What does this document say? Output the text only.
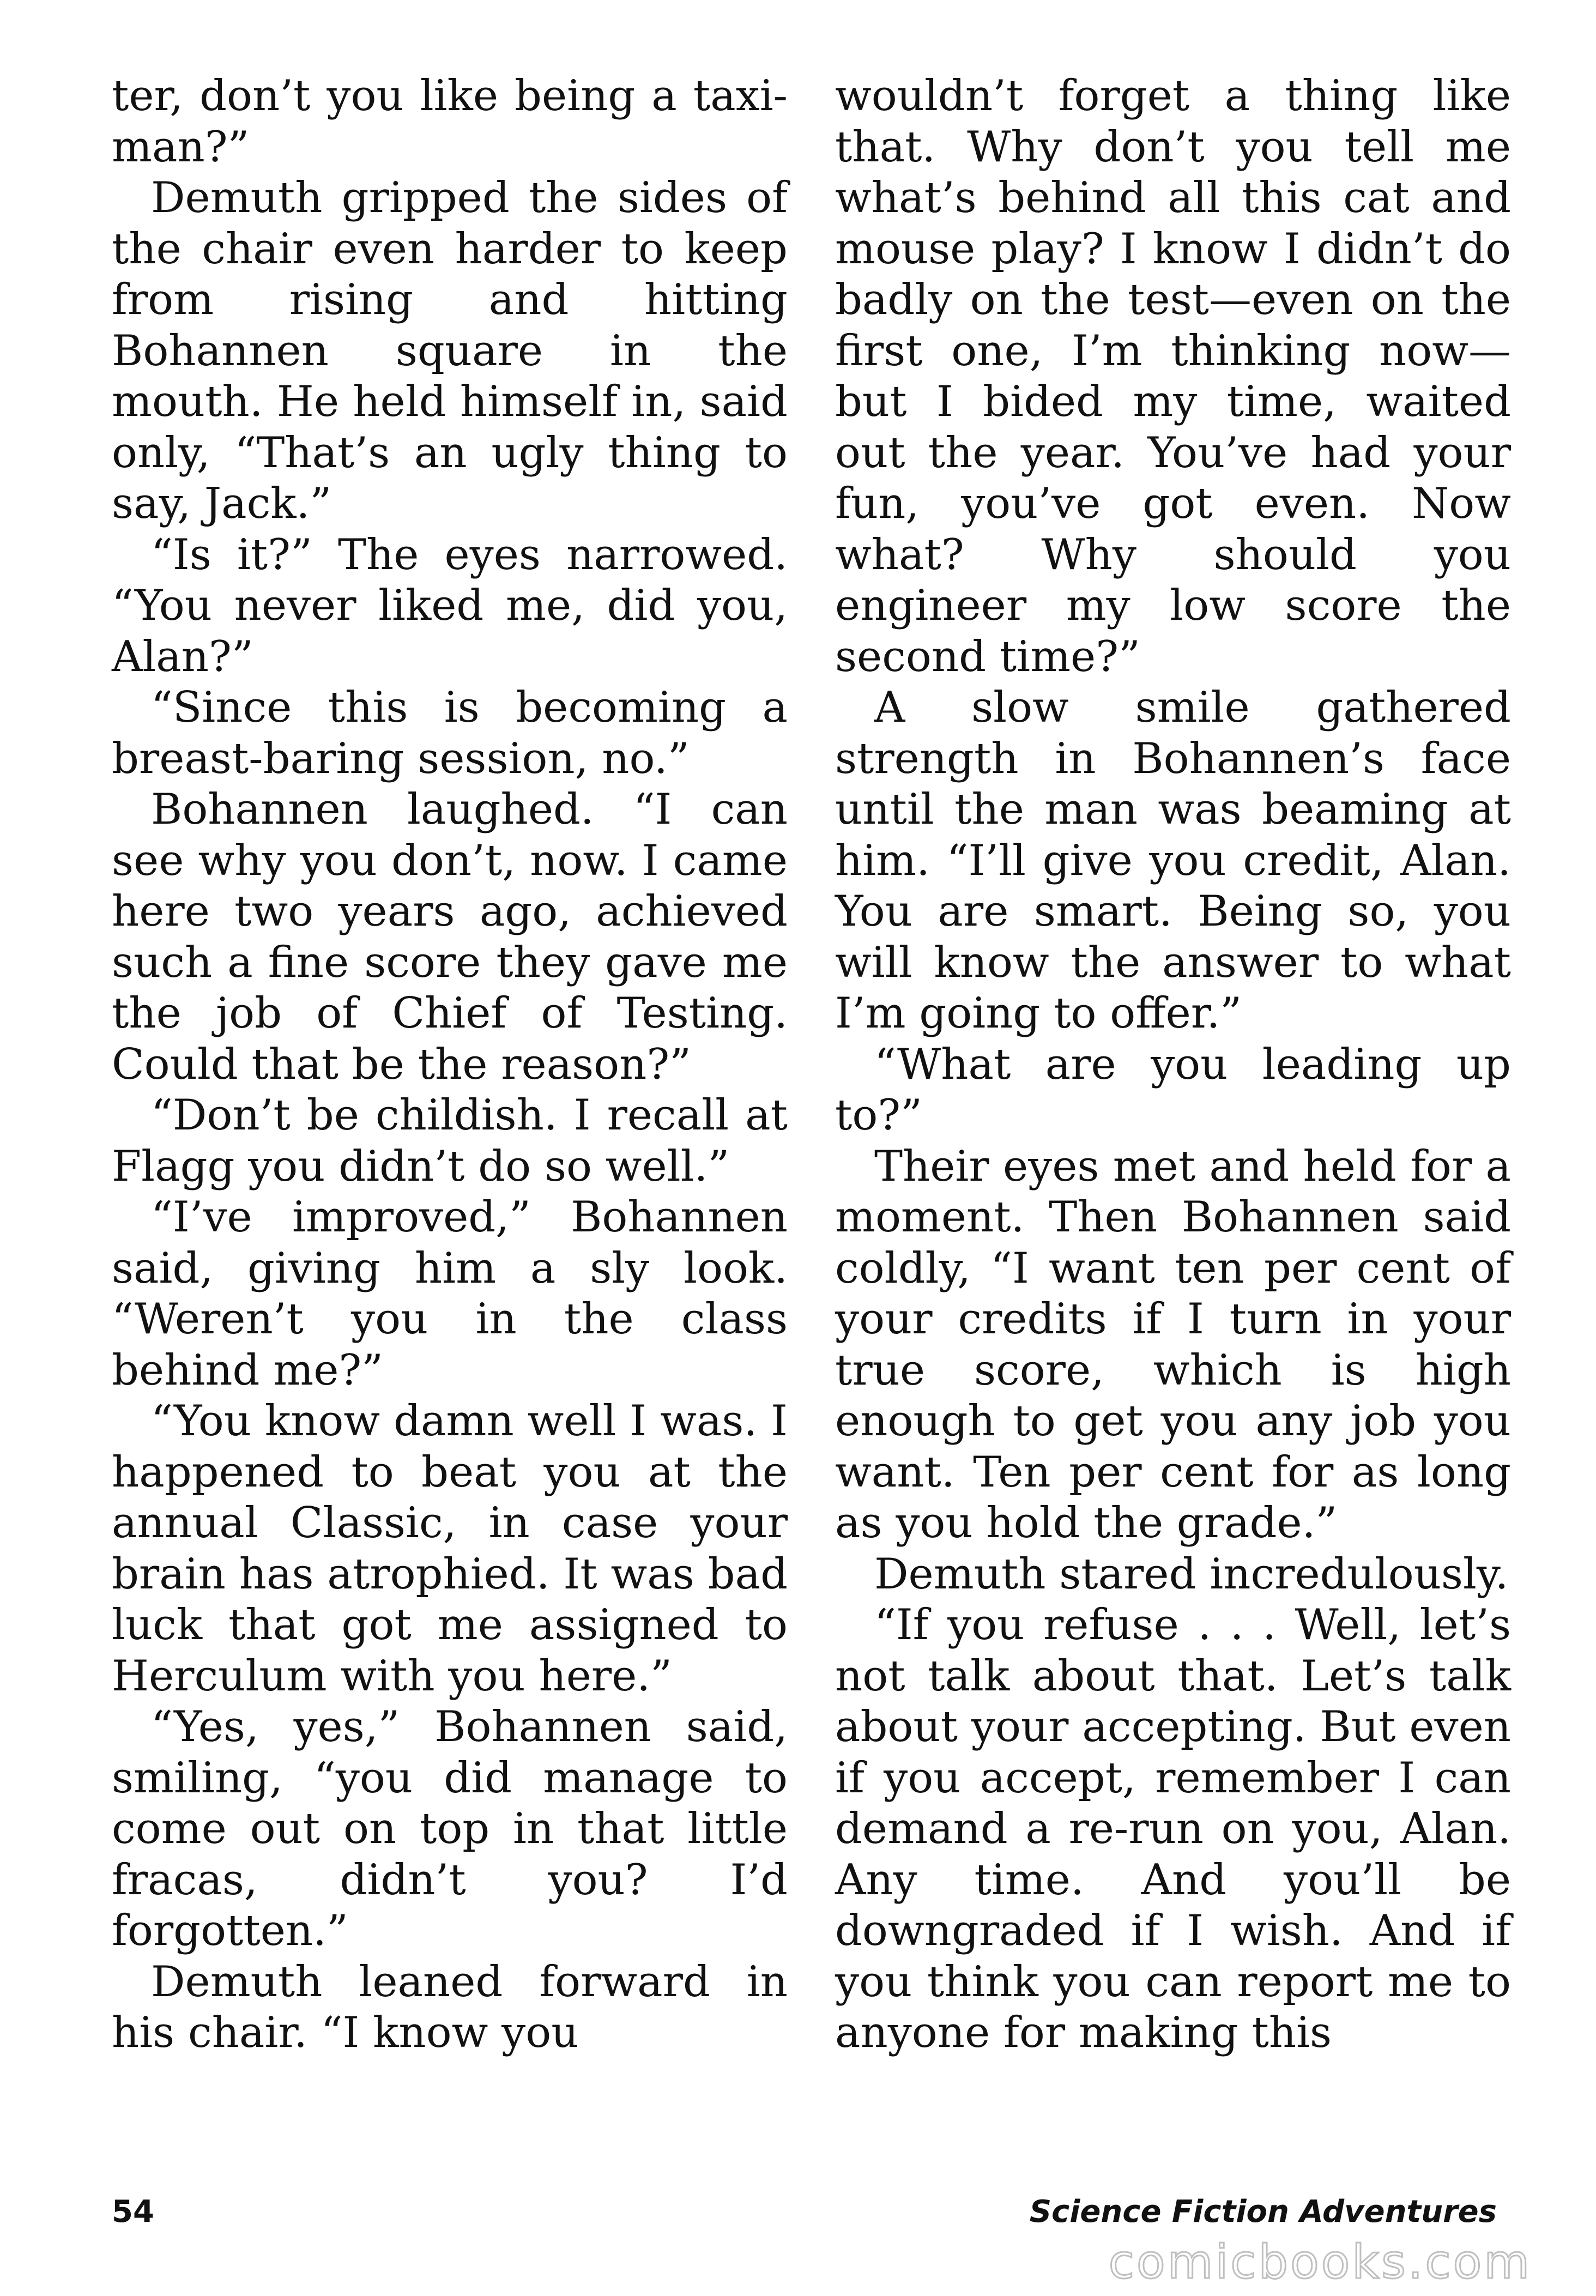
ter, don’t you like being a taxi-man?”

Demuth gripped the sides of the chair even harder to keep from rising and hitting Bohannen square in the mouth. He held himself in, said only, “That’s an ugly thing to say, Jack.”

“Is it?” The eyes narrowed. “You never liked me, did you, Alan?”

“Since this is becoming a breast-baring session, no.”

Bohannen laughed. “I can see why you don’t, now. I came here two years ago, achieved such a fine score they gave me the job of Chief of Testing. Could that be the reason?”

“Don’t be childish. I recall at Flagg you didn’t do so well.”

“I’ve improved,” Bohannen said, giving him a sly look. “Weren’t you in the class behind me?”

“You know damn well I was. I happened to beat you at the annual Classic, in case your brain has atrophied. It was bad luck that got me assigned to Herculum with you here.”

“Yes, yes,” Bohannen said, smiling, “you did manage to come out on top in that little fracas, didn’t you? I’d forgotten.”

Demuth leaned forward in his chair. “I know you

wouldn’t forget a thing like that. Why don’t you tell me what’s behind all this cat and mouse play? I know I didn’t do badly on the test—even on the first one, I’m thinking now—but I bided my time, waited out the year. You’ve had your fun, you’ve got even. Now what? Why should you engineer my low score the second time?”

A slow smile gathered strength in Bohannen’s face until the man was beaming at him. “I’ll give you credit, Alan. You are smart. Being so, you will know the answer to what I’m going to offer.”

“What are you leading up to?”

Their eyes met and held for a moment. Then Bohannen said coldly, “I want ten per cent of your credits if I turn in your true score, which is high enough to get you any job you want. Ten per cent for as long as you hold the grade.”

Demuth stared incredulously.

“If you refuse . . . Well, let’s not talk about that. Let’s talk about your accepting. But even if you accept, remember I can demand a re-run on you, Alan. Any time. And you’ll be downgraded if I wish. And if you think you can report me to anyone for making this

54	Science Fiction Adventures
comicbooks.com
